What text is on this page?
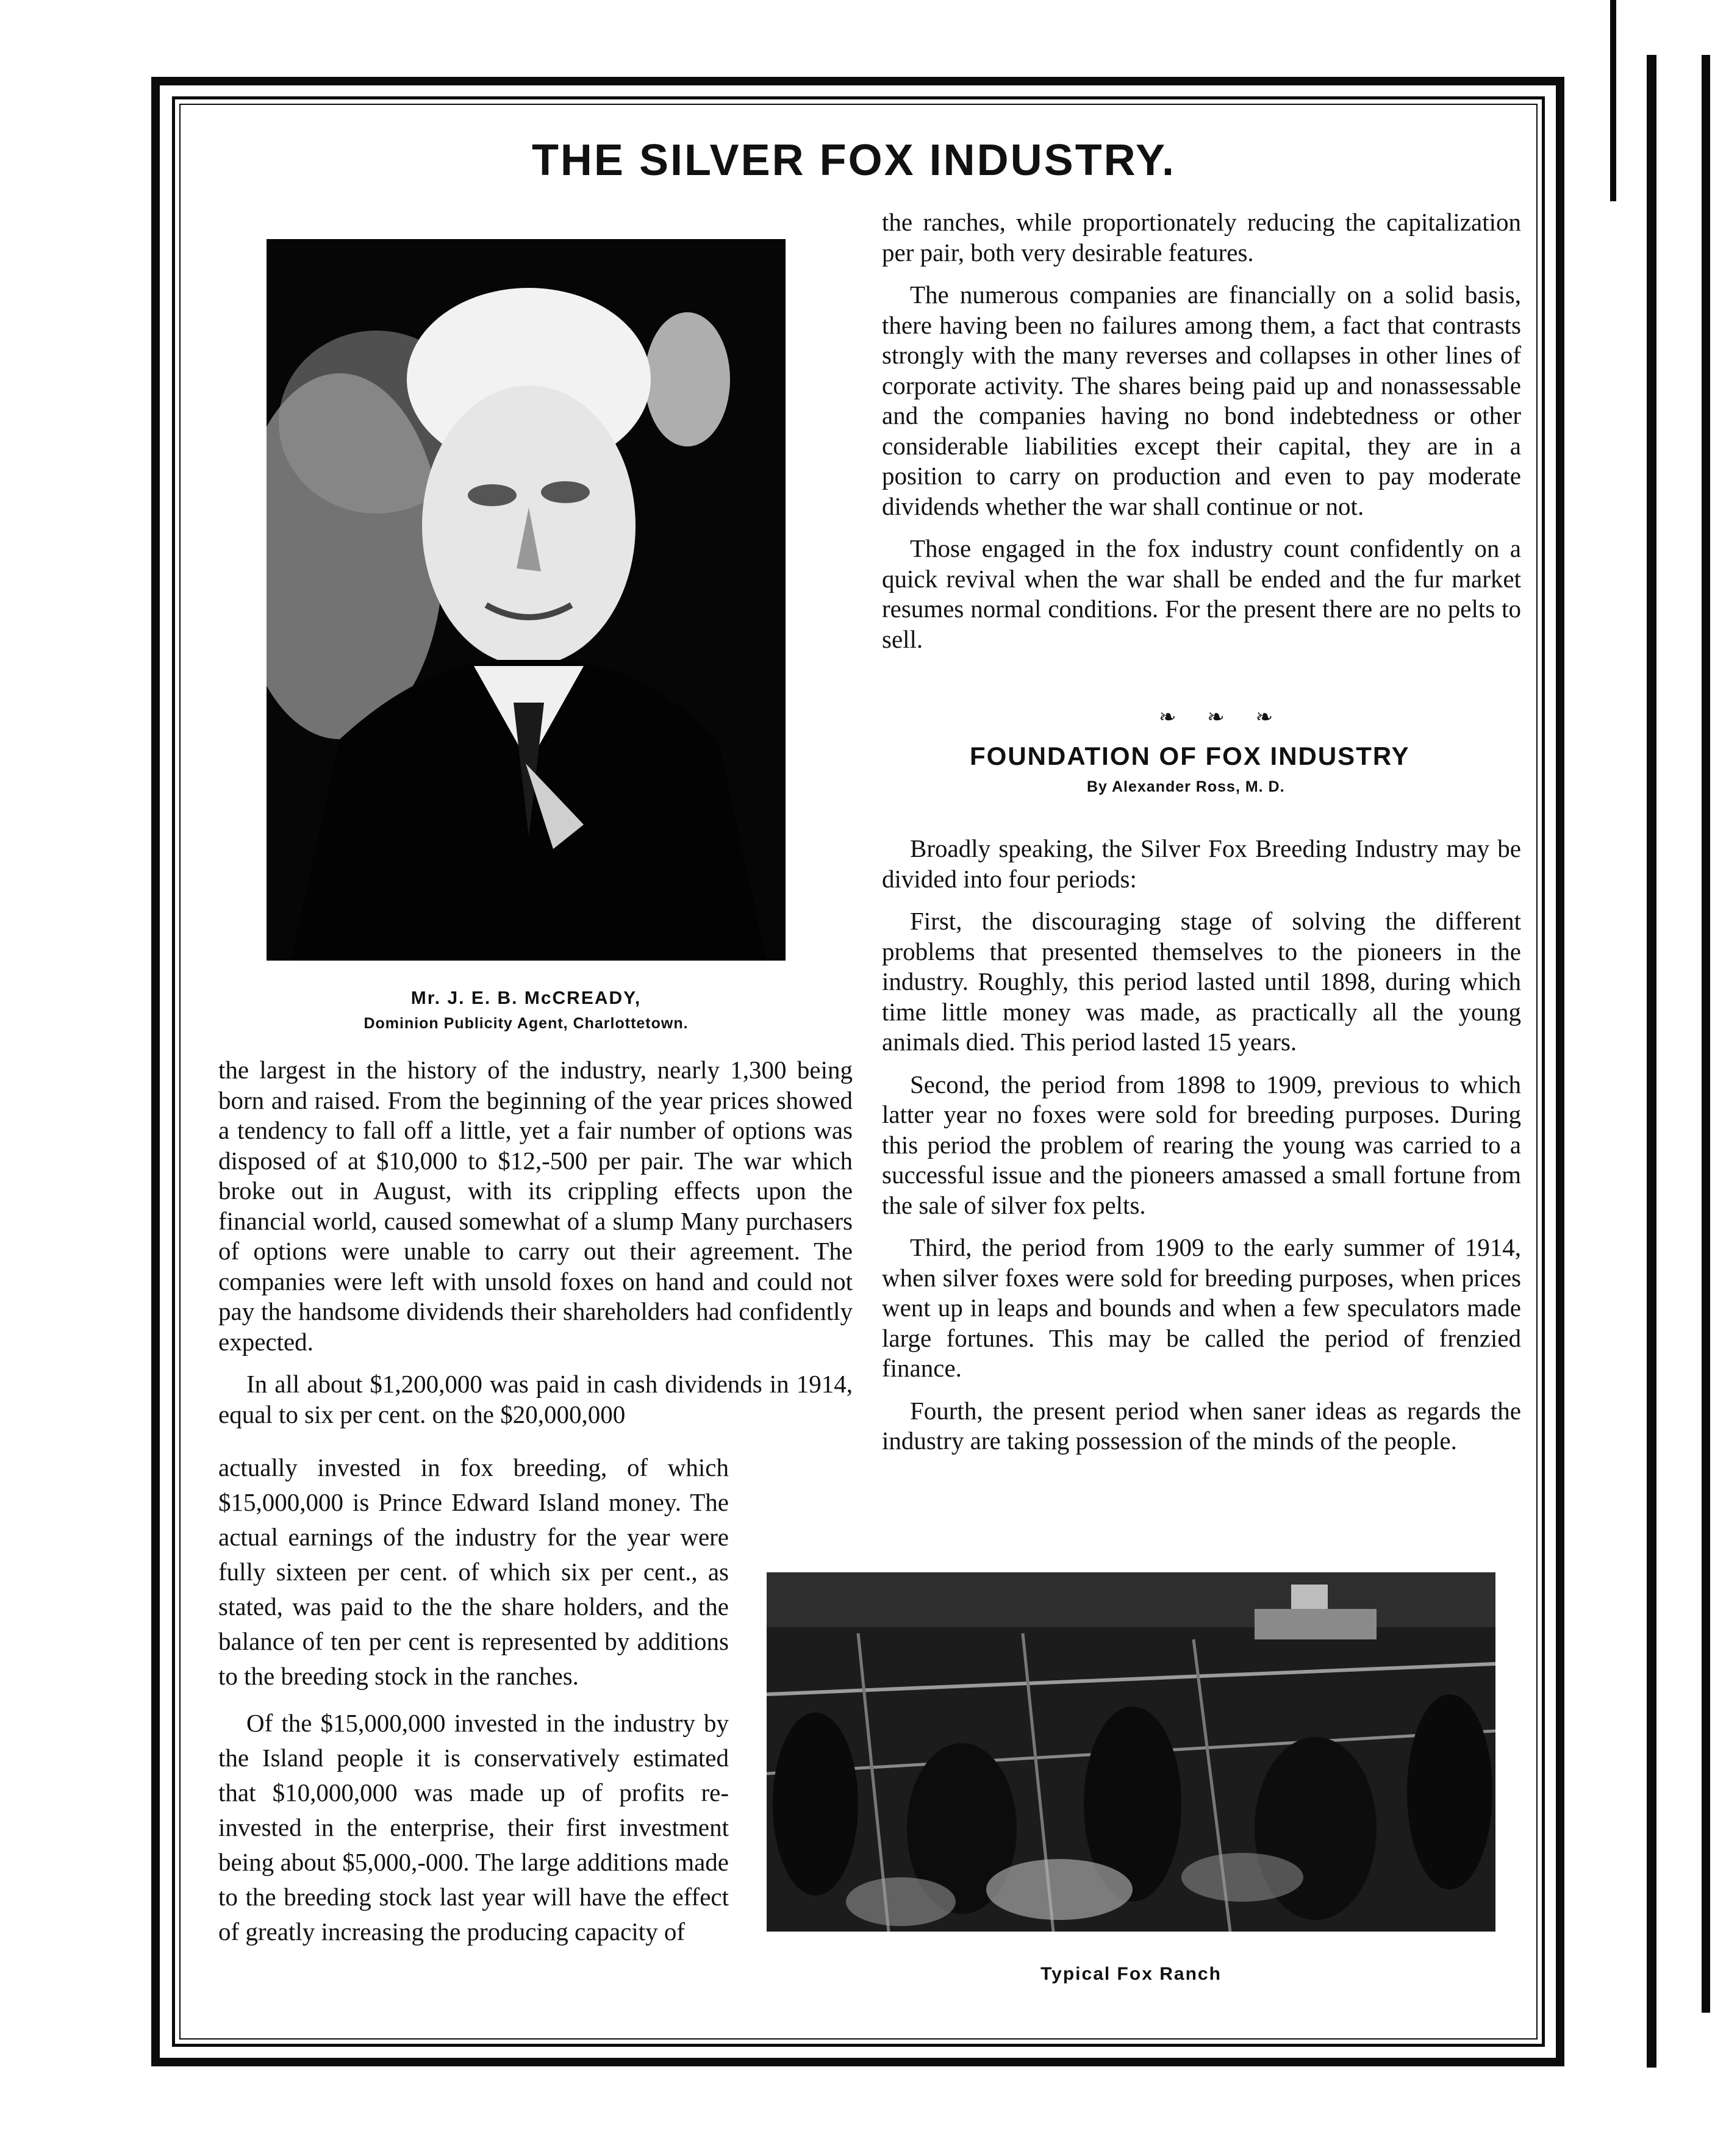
THE SILVER FOX INDUSTRY.

Mr. J. E. B. McCREADY,

Dominion Publicity Agent, Charlottetown.

the largest in the history of the industry, nearly 1,300 being born and raised. From the beginning of the year prices showed a tendency to fall off a little, yet a fair number of options was disposed of at $10,000 to $12,-500 per pair. The war which broke out in August, with its crippling effects upon the financial world, caused somewhat of a slump Many purchasers of options were unable to carry out their agreement. The companies were left with unsold foxes on hand and could not pay the handsome dividends their shareholders had confidently expected.

In all about $1,200,000 was paid in cash dividends in 1914, equal to six per cent. on the $20,000,000

actually invested in fox breeding, of which $15,000,000 is Prince Edward Island money. The actual earnings of the industry for the year were fully sixteen per cent. of which six per cent., as stated, was paid to the the share holders, and the balance of ten per cent is represented by additions to the breeding stock in the ranches.

Of the $15,000,000 invested in the industry by the Island people it is conservatively estimated that $10,000,000 was made up of profits re-invested in the enterprise, their first investment being about $5,000,-000. The large additions made to the breeding stock last year will have the effect of greatly increasing the producing capacity of

the ranches, while proportionately reducing the capitalization per pair, both very desirable features.

The numerous companies are financially on a solid basis, there having been no failures among them, a fact that contrasts strongly with the many reverses and collapses in other lines of corporate activity. The shares being paid up and nonassessable and the companies having no bond indebtedness or other considerable liabilities except their capital, they are in a position to carry on production and even to pay moderate dividends whether the war shall continue or not.

Those engaged in the fox industry count confidently on a quick revival when the war shall be ended and the fur market resumes normal conditions. For the present there are no pelts to sell.

❧ ❧ ❧
FOUNDATION OF FOX INDUSTRY

By Alexander Ross, M. D.

Broadly speaking, the Silver Fox Breeding Industry may be divided into four periods:

First, the discouraging stage of solving the different problems that presented themselves to the pioneers in the industry. Roughly, this period lasted until 1898, during which time little money was made, as practically all the young animals died. This period lasted 15 years.

Second, the period from 1898 to 1909, previous to which latter year no foxes were sold for breeding purposes. During this period the problem of rearing the young was carried to a successful issue and the pioneers amassed a small fortune from the sale of silver fox pelts.

Third, the period from 1909 to the early summer of 1914, when silver foxes were sold for breeding purposes, when prices went up in leaps and bounds and when a few speculators made large fortunes. This may be called the period of frenzied finance.

Fourth, the present period when saner ideas as regards the industry are taking possession of the minds of the people.

Typical Fox Ranch
